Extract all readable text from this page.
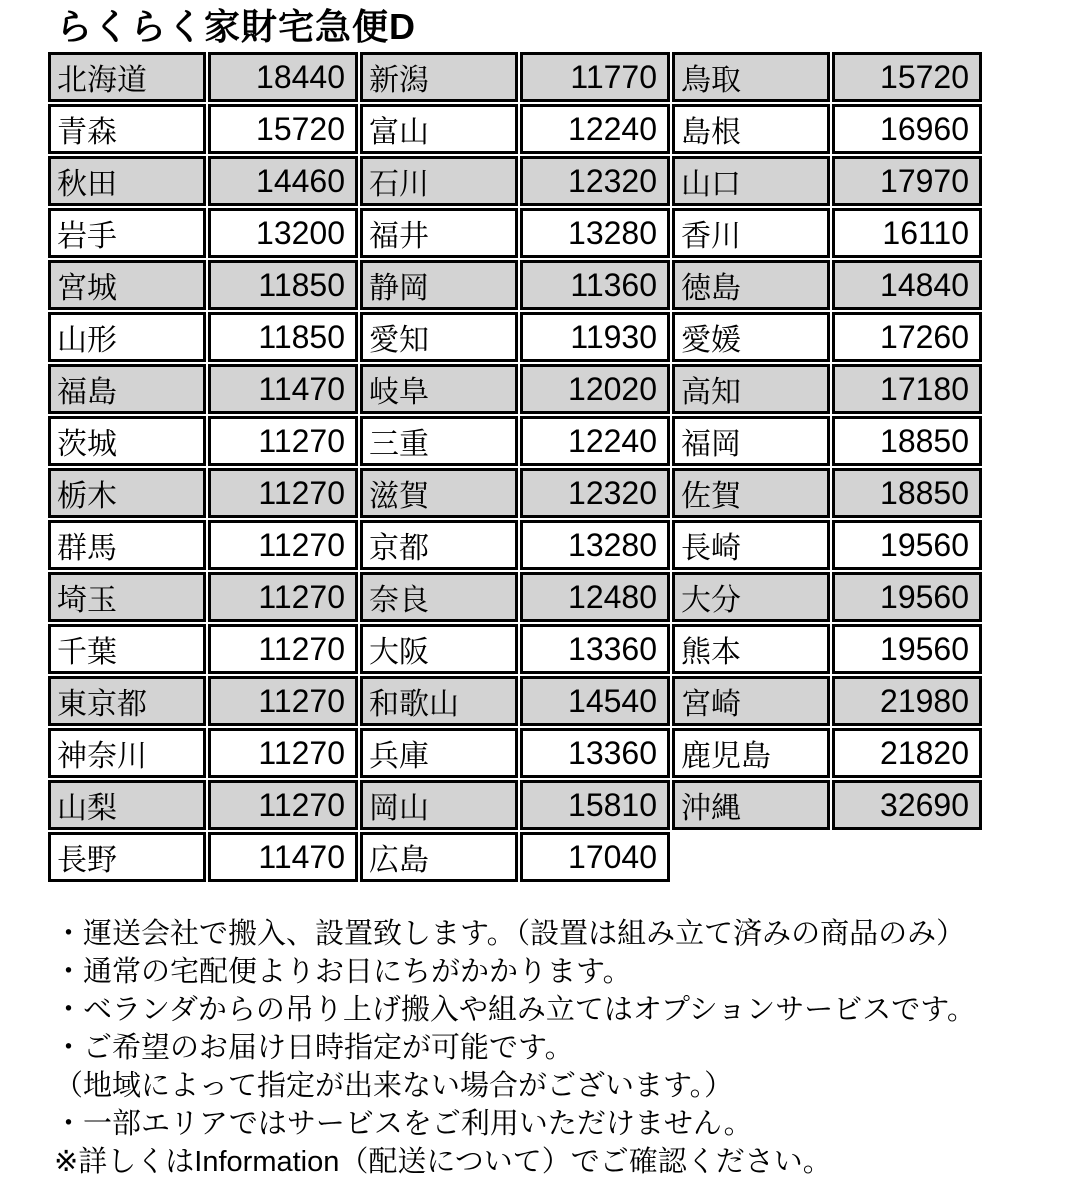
らくらく家財宅急便D
北海道	18440	新潟	11770	鳥取	15720
青森	15720	富山	12240	島根	16960
秋田	14460	石川	12320	山口	17970
岩手	13200	福井	13280	香川	16110
宮城	11850	静岡	11360	徳島	14840
山形	11850	愛知	11930	愛媛	17260
福島	11470	岐阜	12020	高知	17180
茨城	11270	三重	12240	福岡	18850
栃木	11270	滋賀	12320	佐賀	18850
群馬	11270	京都	13280	長崎	19560
埼玉	11270	奈良	12480	大分	19560
千葉	11270	大阪	13360	熊本	19560
東京都	11270	和歌山	14540	宮崎	21980
神奈川	11270	兵庫	13360	鹿児島	21820
山梨	11270	岡山	15810	沖縄	32690
長野	11470	広島	17040		
・運送会社で搬入、設置致します。（設置は組み立て済みの商品のみ）
・通常の宅配便よりお日にちがかかります。
・ベランダからの吊り上げ搬入や組み立てはオプションサービスです。
・ご希望のお届け日時指定が可能です。
（地域によって指定が出来ない場合がございます。）
・一部エリアではサービスをご利用いただけません。
※詳しくはInformation（配送について）でご確認ください。
